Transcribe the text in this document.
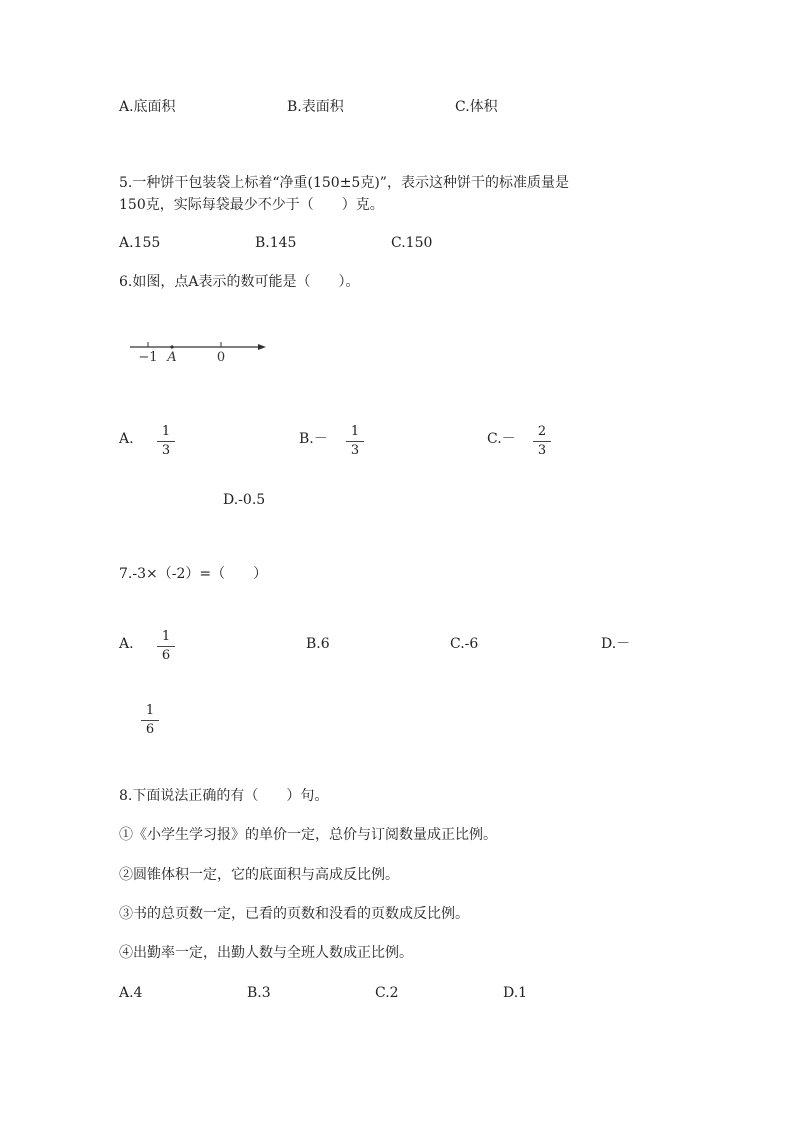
A.底面积	B.表面积	C.体积
5.一种饼干包装袋上标着“净重(150±5克)”，表示这种饼干的标准质量是
150克，实际每袋最少不少于（　　）克。
A.155	B.145	C.150
6.如图，点A表示的数可能是（　　）。
−1 A	0
A.	1
3
B.－	1
3
C.－	2
3
D.-0.5
7.-3×（-2）=（　　）
A.	1
6
B.6	C.-6	D.－
1
6
8.下面说法正确的有（　　）句。
①《小学生学习报》的单价一定，总价与订阅数量成正比例。
②圆锥体积一定，它的底面积与高成反比例。
③书的总页数一定，已看的页数和没看的页数成反比例。
④出勤率一定，出勤人数与全班人数成正比例。
A.4	B.3	C.2	D.1
